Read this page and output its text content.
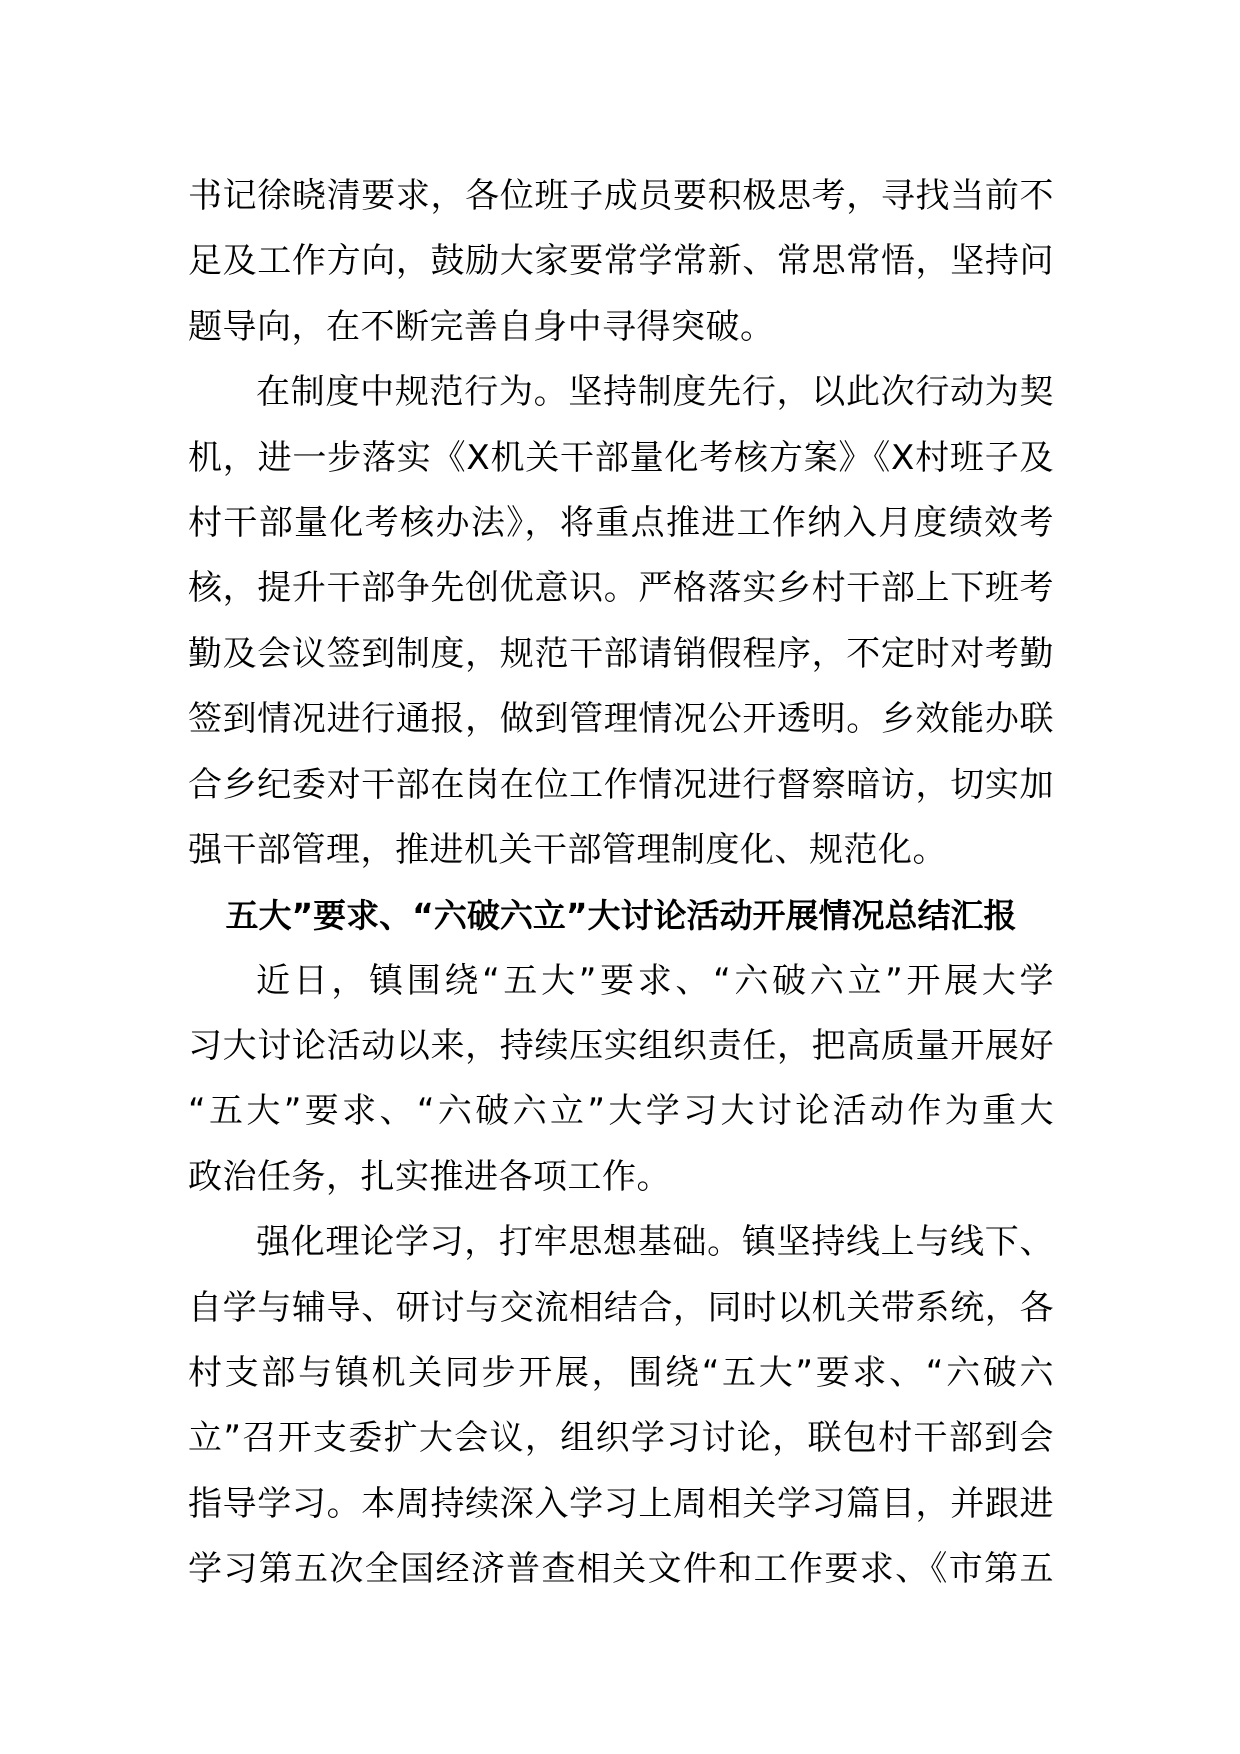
书记徐晓清要求，各位班子成员要积极思考，寻找当前不
足及工作方向，鼓励大家要常学常新、常思常悟，坚持问
题导向，在不断完善自身中寻得突破。
在制度中规范行为。坚持制度先行，以此次行动为契
机，进一步落实《X机关干部量化考核方案》《X村班子及
村干部量化考核办法》，将重点推进工作纳入月度绩效考
核，提升干部争先创优意识。严格落实乡村干部上下班考
勤及会议签到制度，规范干部请销假程序，不定时对考勤
签到情况进行通报，做到管理情况公开透明。乡效能办联
合乡纪委对干部在岗在位工作情况进行督察暗访，切实加
强干部管理，推进机关干部管理制度化、规范化。
五大”要求、“六破六立”大讨论活动开展情况总结汇报
近日，镇围绕“五大”要求、“六破六立”开展大学
习大讨论活动以来，持续压实组织责任，把高质量开展好
“五大”要求、“六破六立”大学习大讨论活动作为重大
政治任务，扎实推进各项工作。
强化理论学习，打牢思想基础。镇坚持线上与线下、
自学与辅导、研讨与交流相结合，同时以机关带系统，各
村支部与镇机关同步开展，围绕“五大”要求、“六破六
立”召开支委扩大会议，组织学习讨论，联包村干部到会
指导学习。本周持续深入学习上周相关学习篇目，并跟进
学习第五次全国经济普查相关文件和工作要求、《市第五
